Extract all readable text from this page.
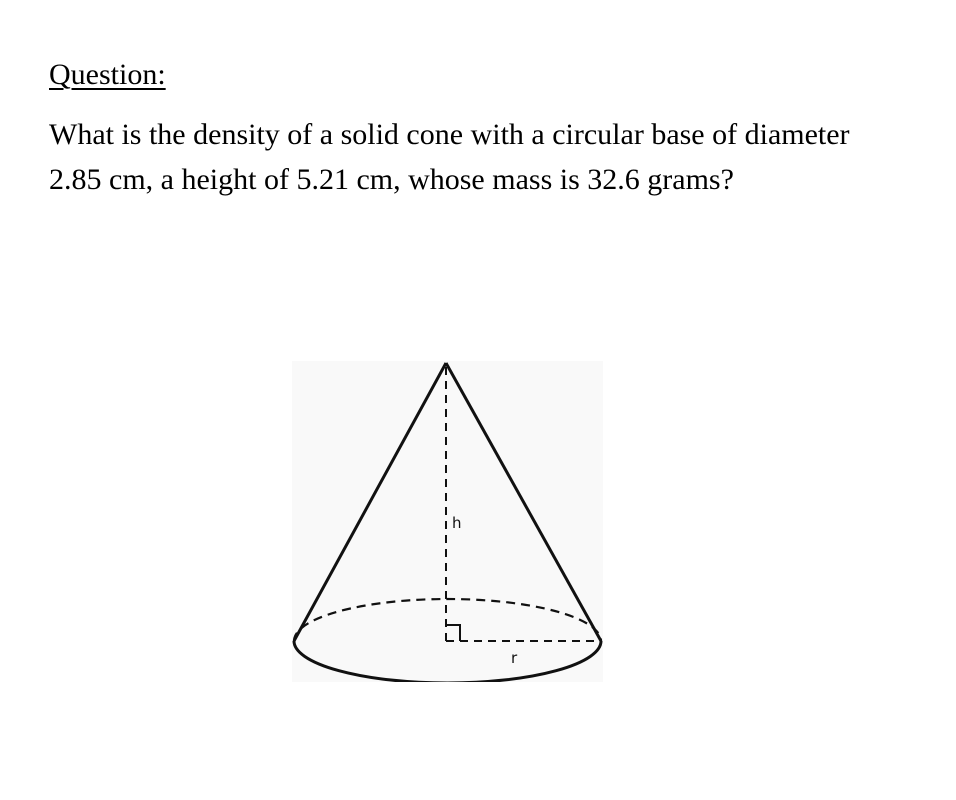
Question:

What is the density of a solid cone with a circular base of diameter 2.85 cm, a height of 5.21 cm, whose mass is 32.6 grams?

h
r
